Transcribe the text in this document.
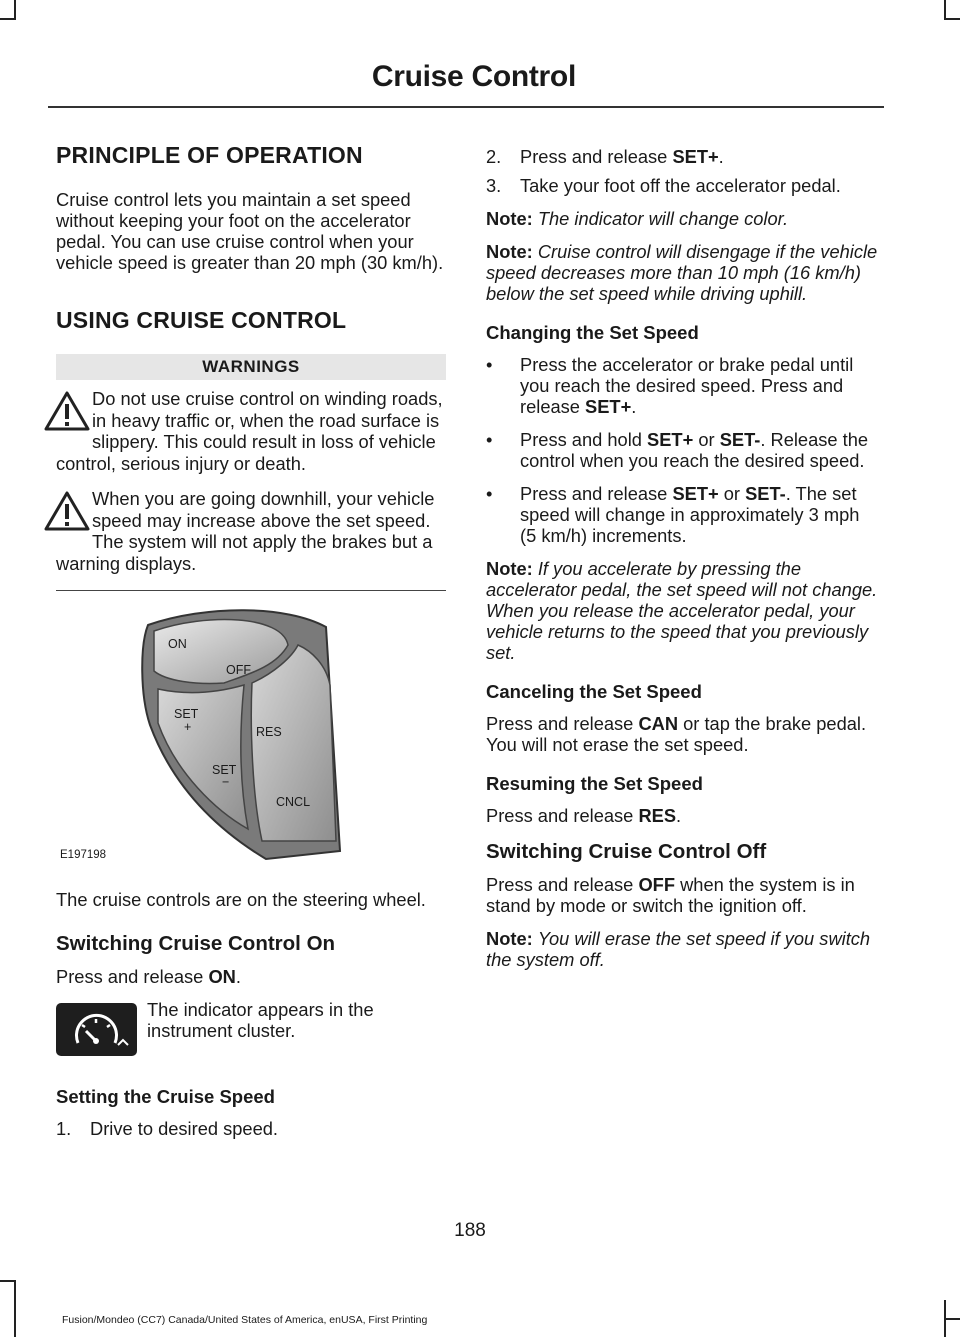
Cruise Control
PRINCIPLE OF OPERATION

Cruise control lets you maintain a set speed without keeping your foot on the accelerator pedal. You can use cruise control when your vehicle speed is greater than 20 mph (30 km/h).

USING CRUISE CONTROL
WARNINGS
Do not use cruise control on winding roads, in heavy traffic or, when the road surface is slippery. This could result in loss of vehicle control, serious injury or death.
When you are going downhill, your vehicle speed may increase above the set speed. The system will not apply the brakes but a warning displays.
ON
OFF
SET
+	RES
SET
−
CNCL
E197198

The cruise controls are on the steering wheel.

Switching Cruise Control On

Press and release ON.

The indicator appears in the instrument cluster.

Setting the Cruise Speed
1. Drive to desired speed.
2. Press and release SET+.
3. Take your foot off the accelerator pedal.

Note: The indicator will change color.

Note: Cruise control will disengage if the vehicle speed decreases more than 10 mph (16 km/h) below the set speed while driving uphill.

Changing the Set Speed
• Press the accelerator or brake pedal until you reach the desired speed. Press and release SET+.
• Press and hold SET+ or SET-. Release the control when you reach the desired speed.
• Press and release SET+ or SET-. The set speed will change in approximately 3 mph (5 km/h) increments.

Note: If you accelerate by pressing the accelerator pedal, the set speed will not change. When you release the accelerator pedal, your vehicle returns to the speed that you previously set.

Canceling the Set Speed

Press and release CAN or tap the brake pedal. You will not erase the set speed.

Resuming the Set Speed

Press and release RES.

Switching Cruise Control Off

Press and release OFF when the system is in stand by mode or switch the ignition off.

Note: You will erase the set speed if you switch the system off.

188
Fusion/Mondeo (CC7) Canada/United States of America, enUSA, First Printing
